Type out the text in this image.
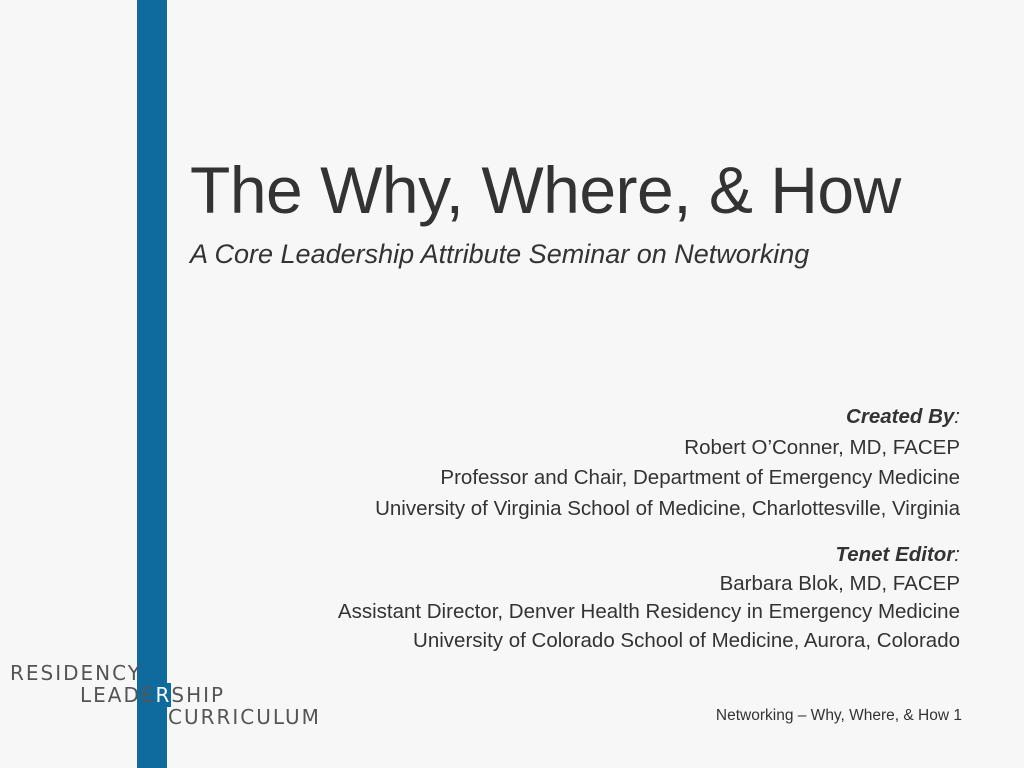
The Why, Where, & How
A Core Leadership Attribute Seminar on Networking
Created By:
Robert O’Conner, MD, FACEP
Professor and Chair, Department of Emergency Medicine
University of Virginia School of Medicine, Charlottesville, Virginia
Tenet Editor:
Barbara Blok, MD, FACEP
Assistant Director, Denver Health Residency in Emergency Medicine
University of Colorado School of Medicine, Aurora, Colorado
RESIDENCY
LEADERSHIP
CURRICULUM	Networking – Why, Where, & How 1
